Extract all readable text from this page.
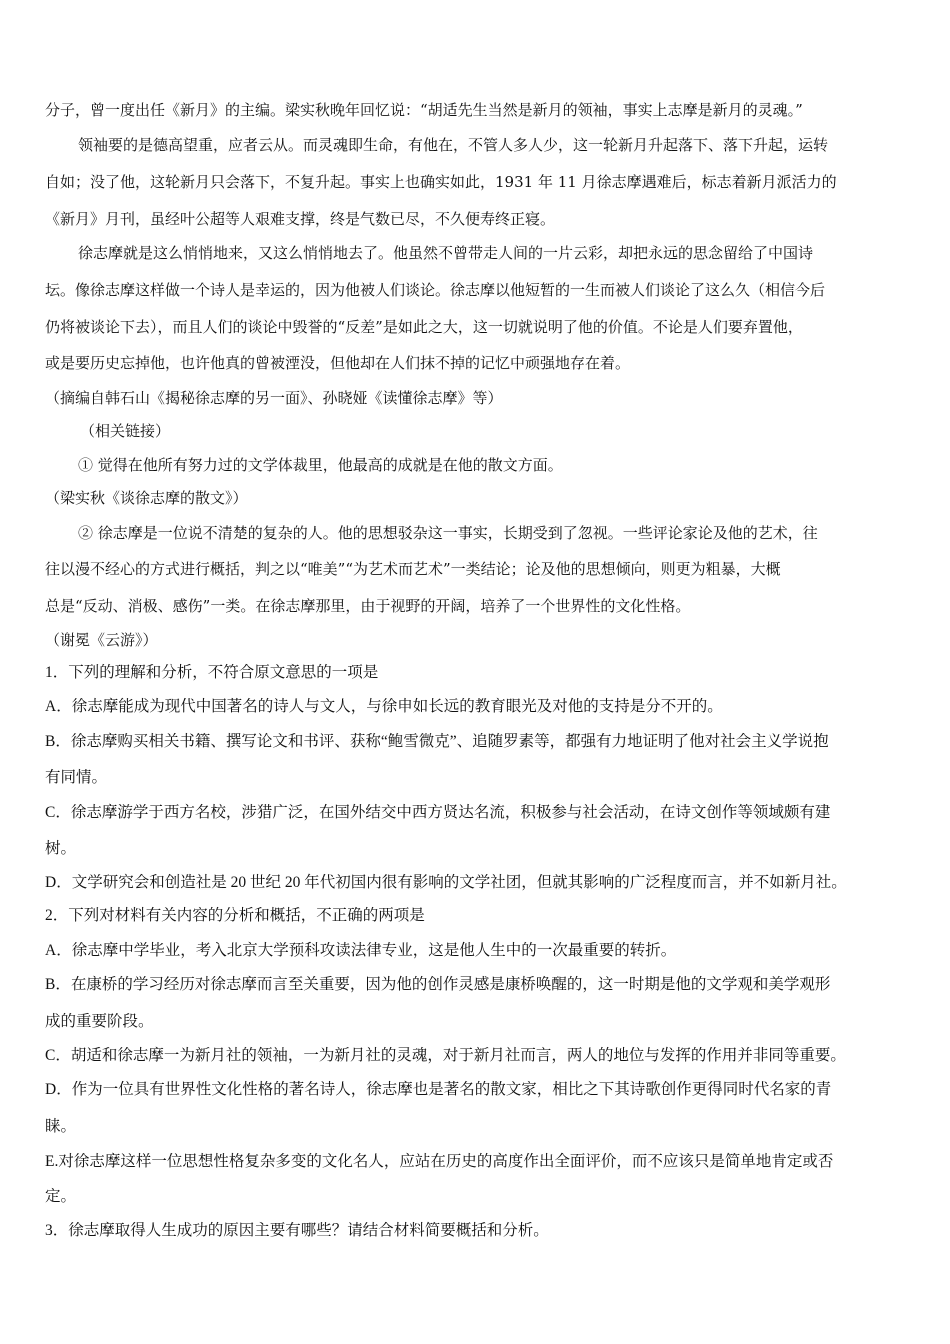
分子，曾一度出任《新月》的主编。梁实秋晚年回忆说：“胡适先生当然是新月的领袖，事实上志摩是新月的灵魂。”
领袖要的是德高望重，应者云从。而灵魂即生命，有他在，不管人多人少，这一轮新月升起落下、落下升起，运转
自如；没了他，这轮新月只会落下，不复升起。事实上也确实如此，1931 年 11 月徐志摩遇难后，标志着新月派活力的
《新月》月刊，虽经叶公超等人艰难支撑，终是气数已尽，不久便寿终正寝。
徐志摩就是这么悄悄地来，又这么悄悄地去了。他虽然不曾带走人间的一片云彩，却把永远的思念留给了中国诗
坛。像徐志摩这样做一个诗人是幸运的，因为他被人们谈论。徐志摩以他短暂的一生而被人们谈论了这么久（相信今后
仍将被谈论下去），而且人们的谈论中毁誉的“反差”是如此之大，这一切就说明了他的价值。不论是人们要弃置他，
或是要历史忘掉他，也许他真的曾被湮没，但他却在人们抹不掉的记忆中顽强地存在着。
（摘编自韩石山《揭秘徐志摩的另一面》、孙晓娅《读懂徐志摩》等）
（相关链接）
① 觉得在他所有努力过的文学体裁里，他最高的成就是在他的散文方面。
（梁实秋《谈徐志摩的散文》）
② 徐志摩是一位说不清楚的复杂的人。他的思想驳杂这一事实，长期受到了忽视。一些评论家论及他的艺术，往
往以漫不经心的方式进行概括，判之以“唯美”“为艺术而艺术”一类结论；论及他的思想倾向，则更为粗暴，大概
总是“反动、消极、感伤”一类。在徐志摩那里，由于视野的开阔，培养了一个世界性的文化性格。
（谢冕《云游》）
1．下列的理解和分析，不符合原文意思的一项是
A．徐志摩能成为现代中国著名的诗人与文人，与徐申如长远的教育眼光及对他的支持是分不开的。
B．徐志摩购买相关书籍、撰写论文和书评、获称“鲍雪微克”、追随罗素等，都强有力地证明了他对社会主义学说抱
有同情。
C．徐志摩游学于西方名校，涉猎广泛，在国外结交中西方贤达名流，积极参与社会活动，在诗文创作等领域颇有建
树。
D．文学研究会和创造社是 20 世纪 20 年代初国内很有影响的文学社团，但就其影响的广泛程度而言，并不如新月社。
2．下列对材料有关内容的分析和概括，不正确的两项是
A．徐志摩中学毕业，考入北京大学预科攻读法律专业，这是他人生中的一次最重要的转折。
B．在康桥的学习经历对徐志摩而言至关重要，因为他的创作灵感是康桥唤醒的，这一时期是他的文学观和美学观形
成的重要阶段。
C．胡适和徐志摩一为新月社的领袖，一为新月社的灵魂，对于新月社而言，两人的地位与发挥的作用并非同等重要。
D．作为一位具有世界性文化性格的著名诗人，徐志摩也是著名的散文家，相比之下其诗歌创作更得同时代名家的青
睐。
E.对徐志摩这样一位思想性格复杂多变的文化名人，应站在历史的高度作出全面评价，而不应该只是简单地肯定或否
定。
3．徐志摩取得人生成功的原因主要有哪些？请结合材料简要概括和分析。
